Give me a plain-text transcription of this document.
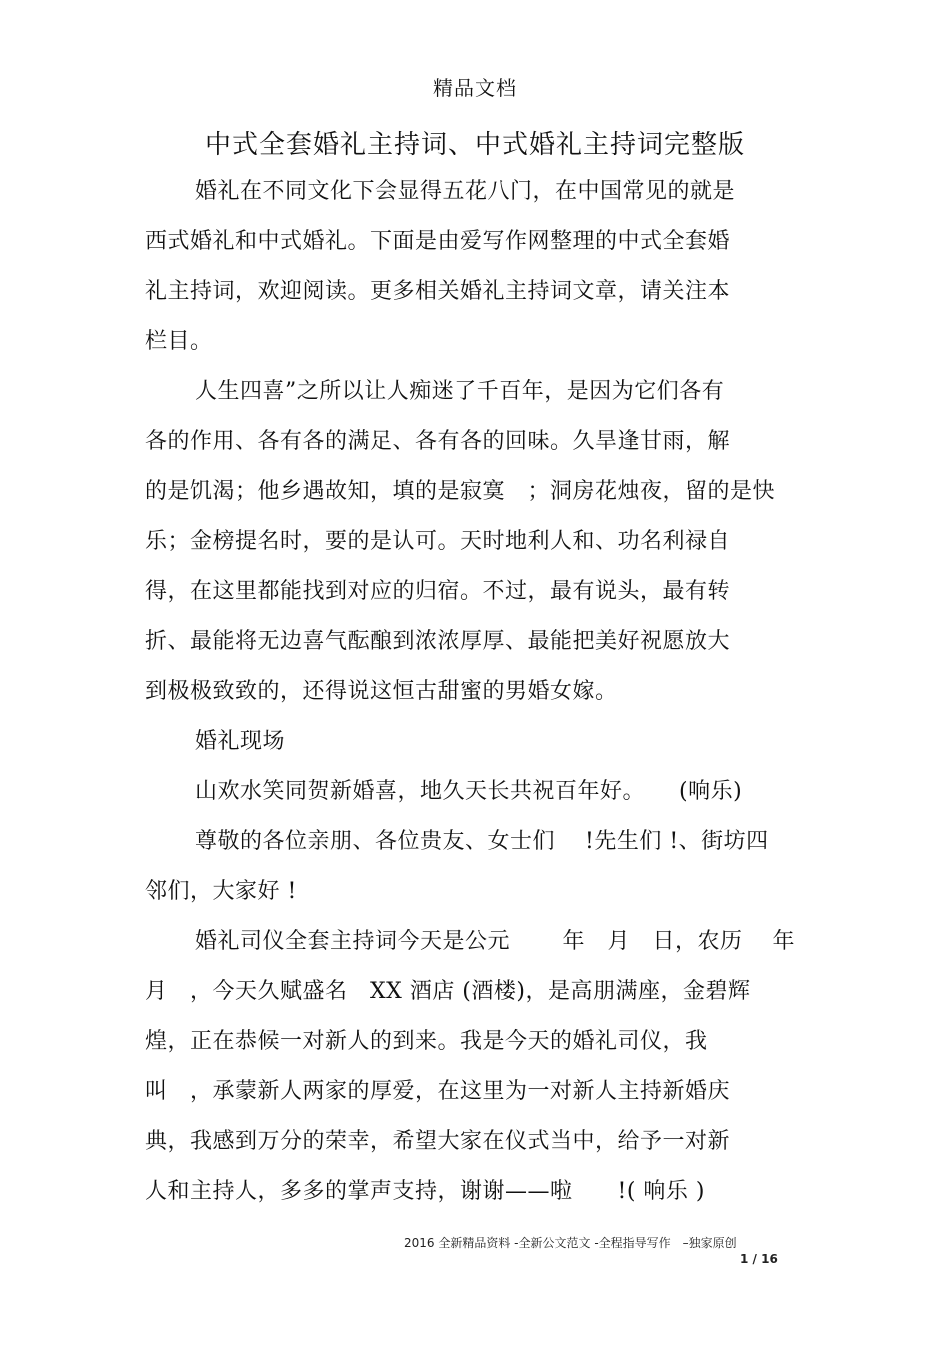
精品文档
中式全套婚礼主持词、中式婚礼主持词完整版
婚礼在不同文化下会显得五花八门，在中国常见的就是
西式婚礼和中式婚礼。下面是由爱写作网整理的中式全套婚
礼主持词，欢迎阅读。更多相关婚礼主持词文章，请关注本
栏目。
人生四喜”之所以让人痴迷了千百年，是因为它们各有
各的作用、各有各的满足、各有各的回味。久旱逢甘雨，解
的是饥渴；他乡遇故知，填的是寂寞　；洞房花烛夜，留的是快
乐；金榜提名时，要的是认可。天时地利人和、功名利禄自
得，在这里都能找到对应的归宿。不过，最有说头，最有转
折、最能将无边喜气酝酿到浓浓厚厚、最能把美好祝愿放大
到极极致致的，还得说这恒古甜蜜的男婚女嫁。
婚礼现场
山欢水笑同贺新婚喜，地久天长共祝百年好。　　(响乐)
尊敬的各位亲朋、各位贵友、女士们　 !先生们 !、街坊四
邻们，大家好 !
婚礼司仪全套主持词今天是公元　　 年　月　日，农历　 年
月　，今天久赋盛名　XX 酒店 (酒楼)，是高朋满座，金碧辉
煌，正在恭候一对新人的到来。我是今天的婚礼司仪，我
叫　，承蒙新人两家的厚爱，在这里为一对新人主持新婚庆
典，我感到万分的荣幸，希望大家在仪式当中，给予一对新
人和主持人，多多的掌声支持，谢谢——啦　　!( 响乐 )
2016 全新精品资料 -全新公文范文 -全程指导写作　–独家原创
1 / 16
